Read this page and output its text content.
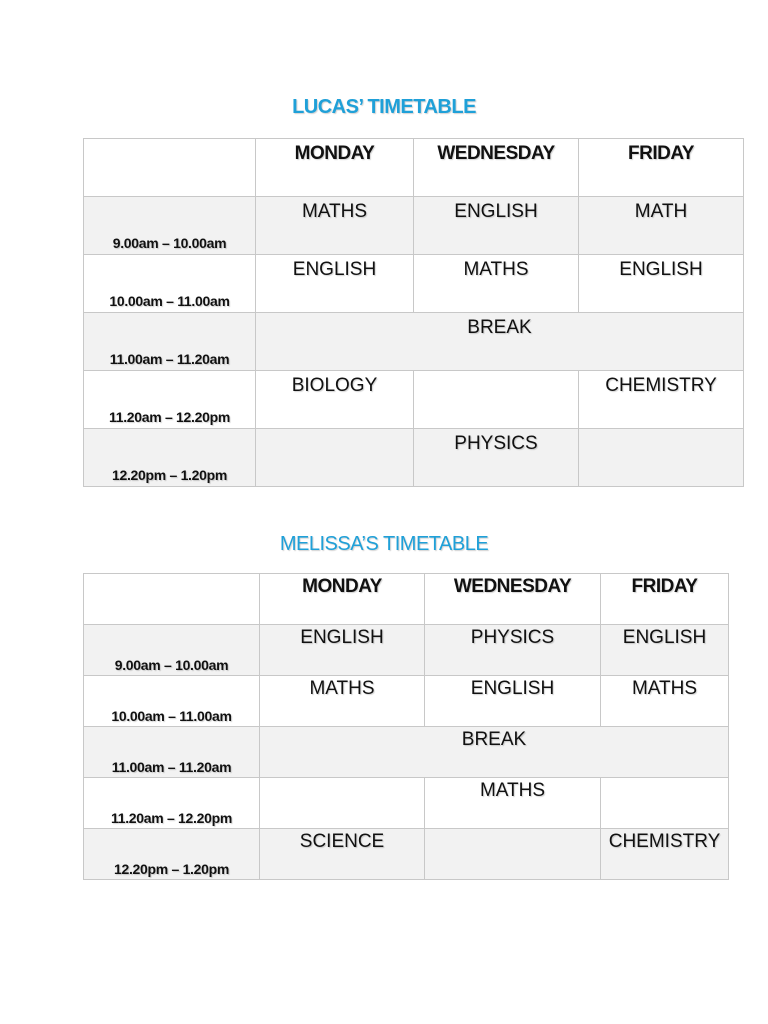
LUCAS’ TIMETABLE

	MONDAY	WEDNESDAY	FRIDAY

9.00am – 10.00am	MATHS	ENGLISH	MATH

10.00am – 11.00am	ENGLISH	MATHS	ENGLISH

11.00am – 11.20am	BREAK		

11.20am – 12.20pm	BIOLOGY		CHEMISTRY

12.20pm – 1.20pm		PHYSICS	

MELISSA’S TIMETABLE

	MONDAY	WEDNESDAY	FRIDAY

9.00am – 10.00am	ENGLISH	PHYSICS	ENGLISH

10.00am – 11.00am	MATHS	ENGLISH	MATHS

11.00am – 11.20am	BREAK		

11.20am – 12.20pm		MATHS	

12.20pm – 1.20pm	SCIENCE		CHEMISTRY
